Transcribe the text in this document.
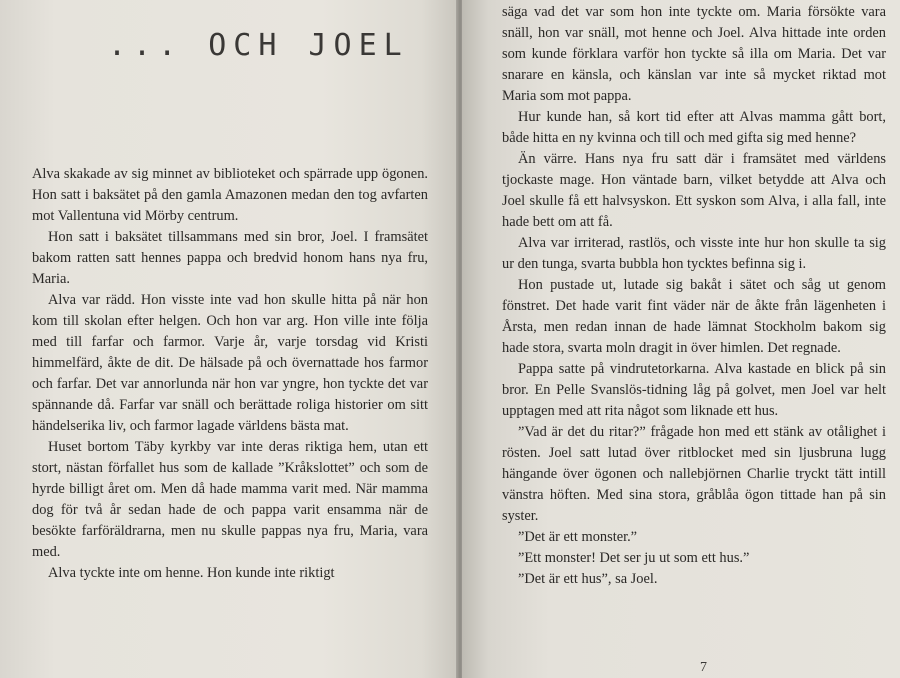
... OCH JOEL

Alva skakade av sig minnet av biblioteket och spärrade upp ögonen. Hon satt i baksätet på den gamla Amazonen medan den tog avfarten mot Vallentuna vid Mörby centrum.

Hon satt i baksätet tillsammans med sin bror, Joel. I framsätet bakom ratten satt hennes pappa och bredvid honom hans nya fru, Maria.

Alva var rädd. Hon visste inte vad hon skulle hitta på när hon kom till skolan efter helgen. Och hon var arg. Hon ville inte följa med till farfar och farmor. Varje år, varje torsdag vid Kristi himmelfärd, åkte de dit. De hälsade på och övernattade hos farmor och farfar. Det var annorlunda när hon var yngre, hon tyckte det var spännande då. Farfar var snäll och berättade roliga historier om sitt händelserika liv, och farmor lagade världens bästa mat.

Huset bortom Täby kyrkby var inte deras riktiga hem, utan ett stort, nästan förfallet hus som de kallade ”Kråkslottet” och som de hyrde billigt året om. Men då hade mamma varit med. När mamma dog för två år sedan hade de och pappa varit ensamma när de besökte farföräldrarna, men nu skulle pappas nya fru, Maria, vara med.

Alva tyckte inte om henne. Hon kunde inte riktigt

säga vad det var som hon inte tyckte om. Maria försökte vara snäll, hon var snäll, mot henne och Joel. Alva hittade inte orden som kunde förklara varför hon tyckte så illa om Maria. Det var snarare en känsla, och känslan var inte så mycket riktad mot Maria som mot pappa.

Hur kunde han, så kort tid efter att Alvas mamma gått bort, både hitta en ny kvinna och till och med gifta sig med henne?

Än värre. Hans nya fru satt där i framsätet med världens tjockaste mage. Hon väntade barn, vilket betydde att Alva och Joel skulle få ett halvsyskon. Ett syskon som Alva, i alla fall, inte hade bett om att få.

Alva var irriterad, rastlös, och visste inte hur hon skulle ta sig ur den tunga, svarta bubbla hon tycktes befinna sig i.

Hon pustade ut, lutade sig bakåt i sätet och såg ut genom fönstret. Det hade varit fint väder när de åkte från lägenheten i Årsta, men redan innan de hade lämnat Stockholm bakom sig hade stora, svarta moln dragit in över himlen. Det regnade.

Pappa satte på vindrutetorkarna. Alva kastade en blick på sin bror. En Pelle Svanslös-tidning låg på golvet, men Joel var helt upptagen med att rita något som liknade ett hus.

”Vad är det du ritar?” frågade hon med ett stänk av otålighet i rösten. Joel satt lutad över ritblocket med sin ljusbruna lugg hängande över ögonen och nallebjörnen Charlie tryckt tätt intill vänstra höften. Med sina stora, gråblåa ögon tittade han på sin syster.

”Det är ett monster.”

”Ett monster! Det ser ju ut som ett hus.”

”Det är ett hus”, sa Joel.

7
